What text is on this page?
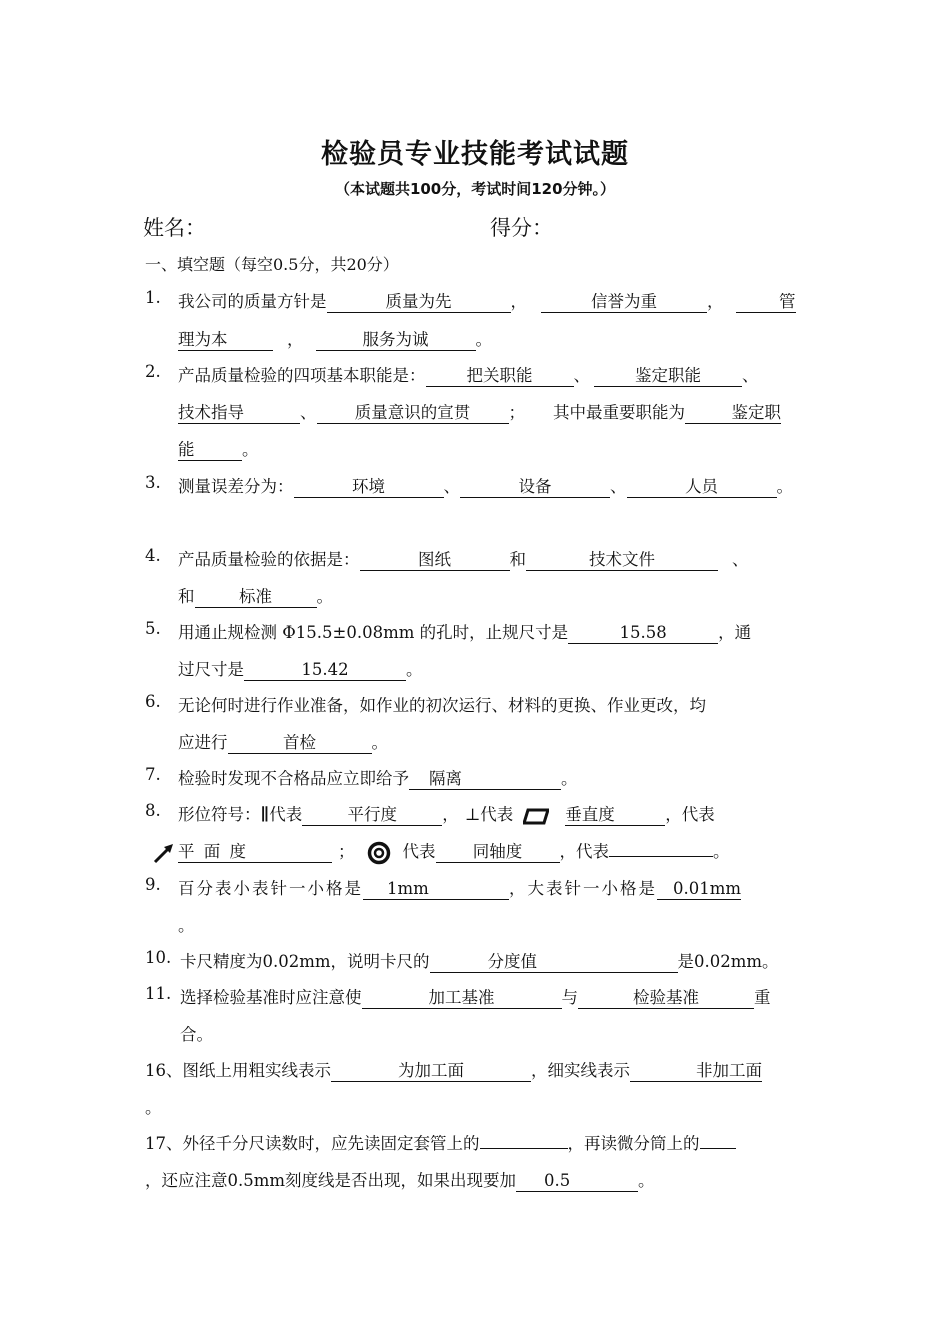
检验员专业技能考试试题
（本试题共100分，考试时间120分钟。）
姓名：	得分：
一、填空题（每空0.5分，共20分）
1. 我公司的质量方针是	质量为先	，	信誉为重	，	管
理为本	，	服务为诚	。
2. 产品质量检验的四项基本职能是： 把关职能 、	鉴定职能 、
技术指导	、 质量意识的宣贯 ； 其中最重要职能为	鉴定职
能	。
3. 测量误差分为：	环境	、	设备	、	人员	。
4. 产品质量检验的依据是：	图纸	和	技术文件	、
和	标准	。
5. 用通止规检测 Φ15.5±0.08mm 的孔时，止规尺寸是	15.58	，通
过尺寸是	15.42	。
6. 无论何时进行作业准备，如作业的初次运行、材料的更换、作业更改，均
应进行	首检	。
7. 检验时发现不合格品应立即给予 隔离	。
8. 形位符号：∥代表	平行度	， ⊥代表	垂直度	，代表
平 面 度	；	代表 同轴度 ，代表	。
9. 百分表小表针一小格是 1mm	，大表针一小格是 0.01mm
。
10. 卡尺精度为0.02mm，说明卡尺的	分度值	是0.02mm。
11. 选择检验基准时应注意使	加工基准	与	检验基准	重
合。
16、图纸上用粗实线表示	为加工面	，细实线表示	非加工面
。
17、外径千分尺读数时，应先读固定套管上的	，再读微分筒上的
，还应注意0.5mm刻度线是否出现，如果出现要加 0.5	。
